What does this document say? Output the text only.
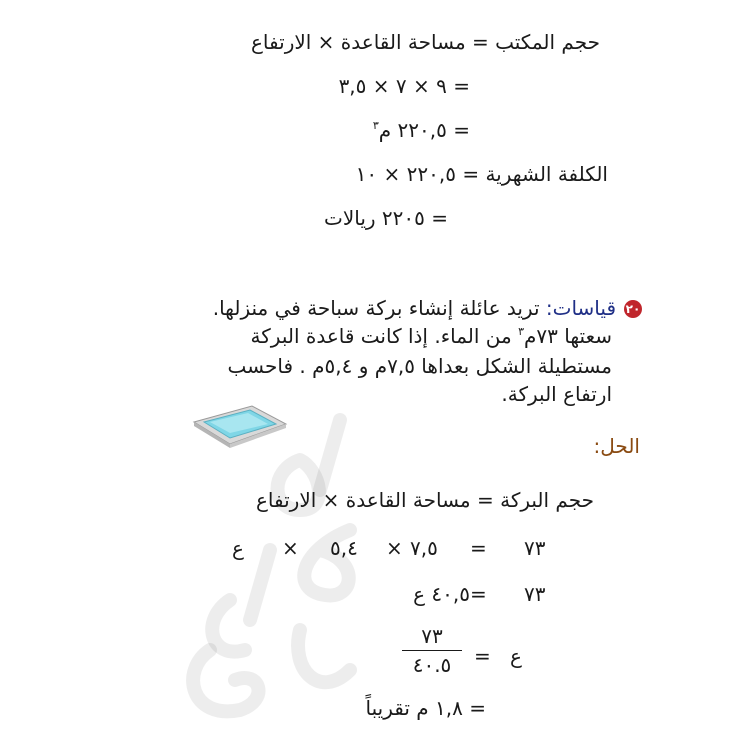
حجم المكتب = مساحة القاعدة × الارتفاع
= ٩ × ٧ × ٣,٥
= ٢٢٠,٥ م$^٣$
الكلفة الشهرية = ٢٢٠,٥ × ١٠
= ٢٢٠٥ ريالات
٢٠
قياسات: تريد عائلة إنشاء بركة سباحة في منزلها.
سعتها ٧٣م$^٣$ من الماء. إذا كانت قاعدة البركة
مستطيلة الشكل بعداها ٧,٥م و ٥,٤م . فاحسب
ارتفاع البركة.
الحل:
حجم البركة = مساحة القاعدة × الارتفاع
ع × ٥,٤ × ٧,٥ = ٧٣
٤٠,٥ ع = ٧٣
٧٣
٤٠.٥	= ع
= ١,٨ م تقريباً
